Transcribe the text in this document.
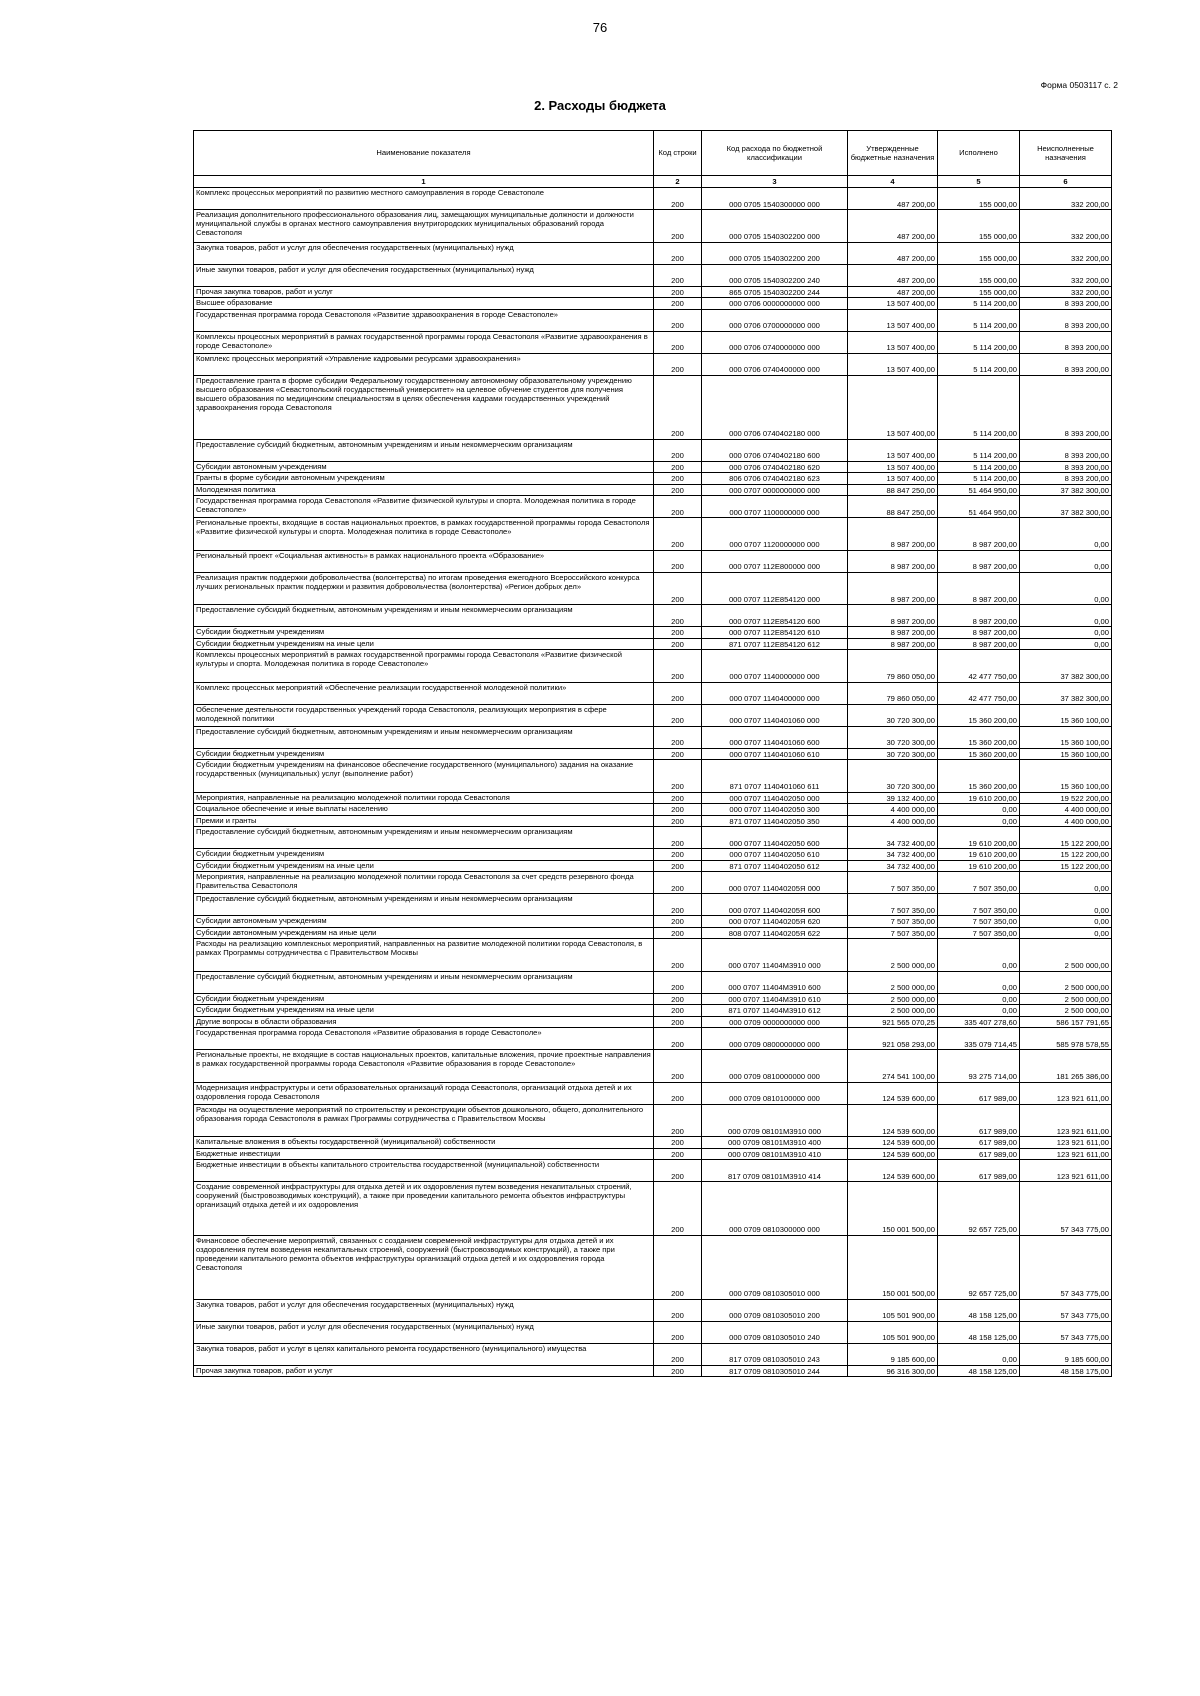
76
Форма 0503117 с. 2
2. Расходы бюджета
Наименование показателя	Код строки	Код расхода по бюджетной классификации	Утвержденные бюджетные назначения	Исполнено	Неисполненные назначения
1	2	3	4	5	6
Комплекс процессных мероприятий по развитию местного самоуправления в городе Севастополе	200	000 0705 1540300000 000	487 200,00	155 000,00	332 200,00
Реализация дополнительного профессионального образования лиц, замещающих муниципальные должности и должности муниципальной службы в органах местного самоуправления внутригородских муниципальных образований города Севастополя	200	000 0705 1540302200 000	487 200,00	155 000,00	332 200,00
Закупка товаров, работ и услуг для обеспечения государственных (муниципальных) нужд	200	000 0705 1540302200 200	487 200,00	155 000,00	332 200,00
Иные закупки товаров, работ и услуг для обеспечения государственных (муниципальных) нужд	200	000 0705 1540302200 240	487 200,00	155 000,00	332 200,00
Прочая закупка товаров, работ и услуг	200	865 0705 1540302200 244	487 200,00	155 000,00	332 200,00
Высшее образование	200	000 0706 0000000000 000	13 507 400,00	5 114 200,00	8 393 200,00
Государственная программа города Севастополя «Развитие здравоохранения в городе Севастополе»	200	000 0706 0700000000 000	13 507 400,00	5 114 200,00	8 393 200,00
Комплексы процессных мероприятий в рамках государственной программы города Севастополя «Развитие здравоохранения в городе Севастополе»	200	000 0706 0740000000 000	13 507 400,00	5 114 200,00	8 393 200,00
Комплекс процессных мероприятий «Управление кадровыми ресурсами здравоохранения»	200	000 0706 0740400000 000	13 507 400,00	5 114 200,00	8 393 200,00
Предоставление гранта в форме субсидии Федеральному государственному автономному образовательному учреждению высшего образования «Севастопольский государственный университет» на целевое обучение студентов для получения высшего образования по медицинским специальностям в целях обеспечения кадрами государственных учреждений здравоохранения города Севастополя	200	000 0706 0740402180 000	13 507 400,00	5 114 200,00	8 393 200,00
Предоставление субсидий бюджетным, автономным учреждениям и иным некоммерческим организациям	200	000 0706 0740402180 600	13 507 400,00	5 114 200,00	8 393 200,00
Субсидии автономным учреждениям	200	000 0706 0740402180 620	13 507 400,00	5 114 200,00	8 393 200,00
Гранты в форме субсидии автономным учреждениям	200	806 0706 0740402180 623	13 507 400,00	5 114 200,00	8 393 200,00
Молодежная политика	200	000 0707 0000000000 000	88 847 250,00	51 464 950,00	37 382 300,00
Государственная программа города Севастополя «Развитие физической культуры и спорта. Молодежная политика в городе Севастополе»	200	000 0707 1100000000 000	88 847 250,00	51 464 950,00	37 382 300,00
Региональные проекты, входящие в состав национальных проектов, в рамках государственной программы города Севастополя «Развитие физической культуры и спорта. Молодежная политика в городе Севастополе»	200	000 0707 1120000000 000	8 987 200,00	8 987 200,00	0,00
Региональный проект «Социальная активность» в рамках национального проекта «Образование»	200	000 0707 112E800000 000	8 987 200,00	8 987 200,00	0,00
Реализация практик поддержки добровольчества (волонтерства) по итогам проведения ежегодного Всероссийского конкурса лучших региональных практик поддержки и развития добровольчества (волонтерства) «Регион добрых дел»	200	000 0707 112E854120 000	8 987 200,00	8 987 200,00	0,00
Предоставление субсидий бюджетным, автономным учреждениям и иным некоммерческим организациям	200	000 0707 112E854120 600	8 987 200,00	8 987 200,00	0,00
Субсидии бюджетным учреждениям	200	000 0707 112E854120 610	8 987 200,00	8 987 200,00	0,00
Субсидии бюджетным учреждениям на иные цели	200	871 0707 112E854120 612	8 987 200,00	8 987 200,00	0,00
Комплексы процессных мероприятий в рамках государственной программы города Севастополя «Развитие физической культуры и спорта. Молодежная политика в городе Севастополе»	200	000 0707 1140000000 000	79 860 050,00	42 477 750,00	37 382 300,00
Комплекс процессных мероприятий «Обеспечение реализации государственной молодежной политики»	200	000 0707 1140400000 000	79 860 050,00	42 477 750,00	37 382 300,00
Обеспечение деятельности государственных учреждений города Севастополя, реализующих мероприятия в сфере молодежной политики	200	000 0707 1140401060 000	30 720 300,00	15 360 200,00	15 360 100,00
Предоставление субсидий бюджетным, автономным учреждениям и иным некоммерческим организациям	200	000 0707 1140401060 600	30 720 300,00	15 360 200,00	15 360 100,00
Субсидии бюджетным учреждениям	200	000 0707 1140401060 610	30 720 300,00	15 360 200,00	15 360 100,00
Субсидии бюджетным учреждениям на финансовое обеспечение государственного (муниципального) задания на оказание государственных (муниципальных) услуг (выполнение работ)	200	871 0707 1140401060 611	30 720 300,00	15 360 200,00	15 360 100,00
Мероприятия, направленные на реализацию молодежной политики города Севастополя	200	000 0707 1140402050 000	39 132 400,00	19 610 200,00	19 522 200,00
Социальное обеспечение и иные выплаты населению	200	000 0707 1140402050 300	4 400 000,00	0,00	4 400 000,00
Премии и гранты	200	871 0707 1140402050 350	4 400 000,00	0,00	4 400 000,00
Предоставление субсидий бюджетным, автономным учреждениям и иным некоммерческим организациям	200	000 0707 1140402050 600	34 732 400,00	19 610 200,00	15 122 200,00
Субсидии бюджетным учреждениям	200	000 0707 1140402050 610	34 732 400,00	19 610 200,00	15 122 200,00
Субсидии бюджетным учреждениям на иные цели	200	871 0707 1140402050 612	34 732 400,00	19 610 200,00	15 122 200,00
Мероприятия, направленные на реализацию молодежной политики города Севастополя за счет средств резервного фонда Правительства Севастополя	200	000 0707 114040205Я 000	7 507 350,00	7 507 350,00	0,00
Предоставление субсидий бюджетным, автономным учреждениям и иным некоммерческим организациям	200	000 0707 114040205Я 600	7 507 350,00	7 507 350,00	0,00
Субсидии автономным учреждениям	200	000 0707 114040205Я 620	7 507 350,00	7 507 350,00	0,00
Субсидии автономным учреждениям на иные цели	200	808 0707 114040205Я 622	7 507 350,00	7 507 350,00	0,00
Расходы на реализацию комплексных мероприятий, направленных на развитие молодежной политики города Севастополя, в рамках Программы сотрудничества с Правительством Москвы	200	000 0707 11404М3910 000	2 500 000,00	0,00	2 500 000,00
Предоставление субсидий бюджетным, автономным учреждениям и иным некоммерческим организациям	200	000 0707 11404М3910 600	2 500 000,00	0,00	2 500 000,00
Субсидии бюджетным учреждениям	200	000 0707 11404М3910 610	2 500 000,00	0,00	2 500 000,00
Субсидии бюджетным учреждениям на иные цели	200	871 0707 11404М3910 612	2 500 000,00	0,00	2 500 000,00
Другие вопросы в области образования	200	000 0709 0000000000 000	921 565 070,25	335 407 278,60	586 157 791,65
Государственная программа города Севастополя «Развитие образования в городе Севастополе»	200	000 0709 0800000000 000	921 058 293,00	335 079 714,45	585 978 578,55
Региональные проекты, не входящие в состав национальных проектов, капитальные вложения, прочие проектные направления в рамках государственной программы города Севастополя «Развитие образования в городе Севастополе»	200	000 0709 0810000000 000	274 541 100,00	93 275 714,00	181 265 386,00
Модернизация инфраструктуры и сети образовательных организаций города Севастополя, организаций отдыха детей и их оздоровления города Севастополя	200	000 0709 0810100000 000	124 539 600,00	617 989,00	123 921 611,00
Расходы на осуществление мероприятий по строительству и реконструкции объектов дошкольного, общего, дополнительного образования города Севастополя в рамках Программы сотрудничества с Правительством Москвы	200	000 0709 08101М3910 000	124 539 600,00	617 989,00	123 921 611,00
Капитальные вложения в объекты государственной (муниципальной) собственности	200	000 0709 08101М3910 400	124 539 600,00	617 989,00	123 921 611,00
Бюджетные инвестиции	200	000 0709 08101М3910 410	124 539 600,00	617 989,00	123 921 611,00
Бюджетные инвестиции в объекты капитального строительства государственной (муниципальной) собственности	200	817 0709 08101М3910 414	124 539 600,00	617 989,00	123 921 611,00
Создание современной инфраструктуры для отдыха детей и их оздоровления путем возведения некапитальных строений, сооружений (быстровозводимых конструкций), а также при проведении капитального ремонта объектов инфраструктуры организаций отдыха детей и их оздоровления	200	000 0709 0810300000 000	150 001 500,00	92 657 725,00	57 343 775,00
Финансовое обеспечение мероприятий, связанных с созданием современной инфраструктуры для отдыха детей и их оздоровления путем возведения некапитальных строений, сооружений (быстровозводимых конструкций), а также при проведении капитального ремонта объектов инфраструктуры организаций отдыха детей и их оздоровления города Севастополя	200	000 0709 0810305010 000	150 001 500,00	92 657 725,00	57 343 775,00
Закупка товаров, работ и услуг для обеспечения государственных (муниципальных) нужд	200	000 0709 0810305010 200	105 501 900,00	48 158 125,00	57 343 775,00
Иные закупки товаров, работ и услуг для обеспечения государственных (муниципальных) нужд	200	000 0709 0810305010 240	105 501 900,00	48 158 125,00	57 343 775,00
Закупка товаров, работ и услуг в целях капитального ремонта государственного (муниципального) имущества	200	817 0709 0810305010 243	9 185 600,00	0,00	9 185 600,00
Прочая закупка товаров, работ и услуг	200	817 0709 0810305010 244	96 316 300,00	48 158 125,00	48 158 175,00
